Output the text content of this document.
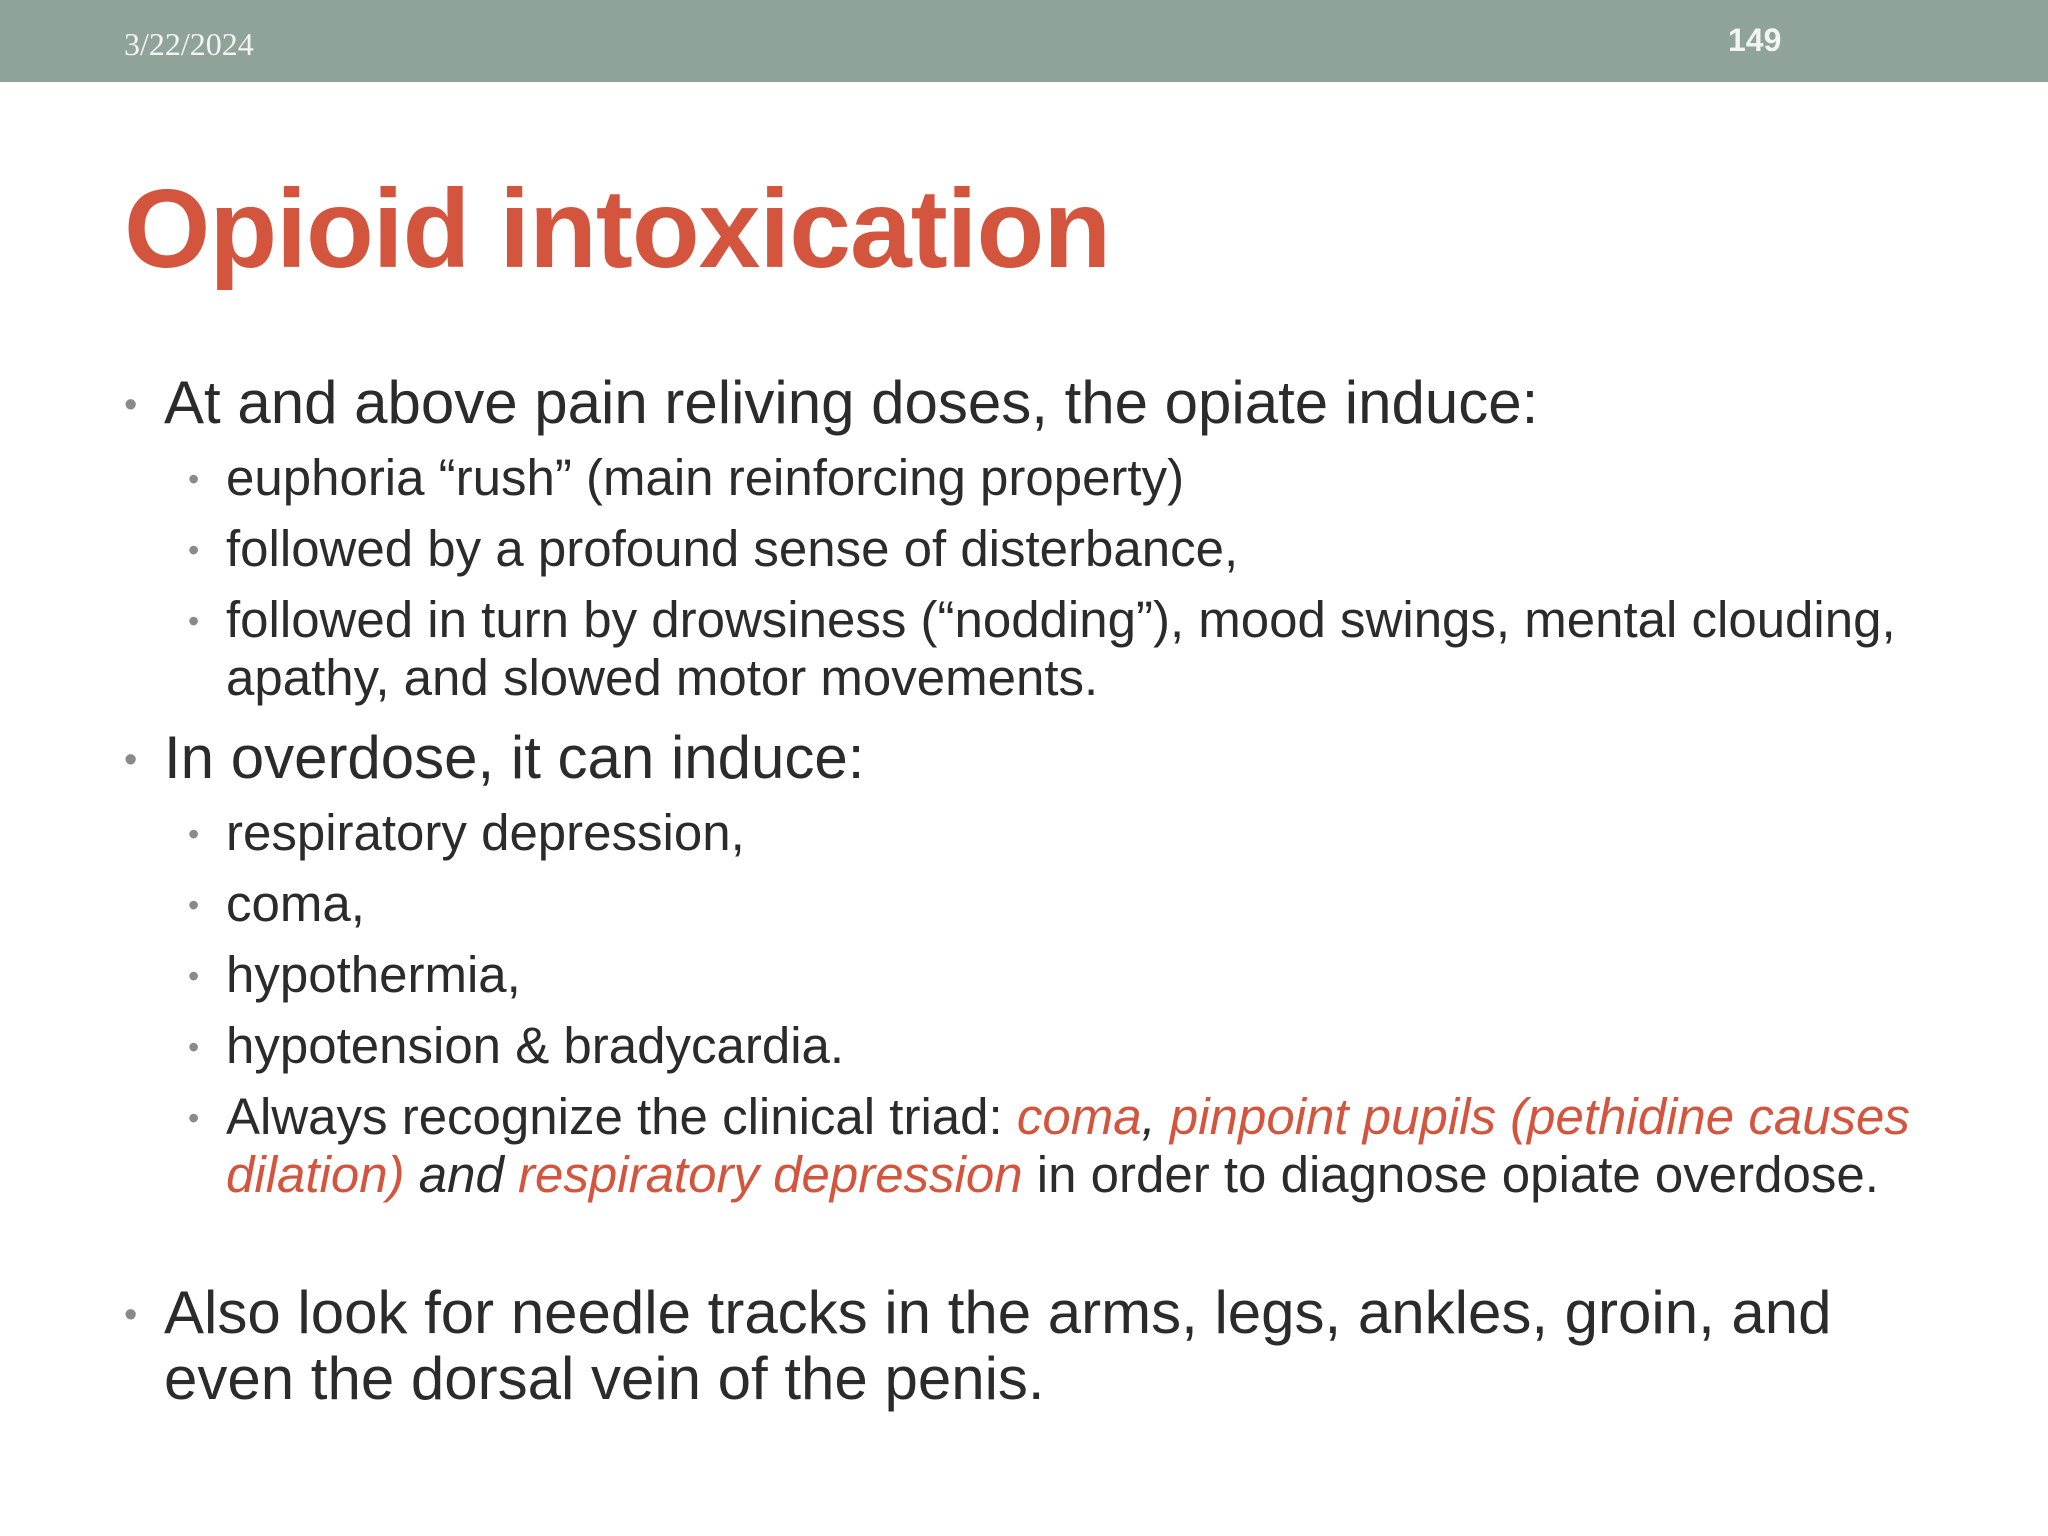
3/22/2024	149
Opioid intoxication

• At and above pain reliving doses, the opiate induce:

• euphoria “rush” (main reinforcing property)

• followed by a profound sense of disterbance,

• followed in turn by drowsiness (“nodding”), mood swings, mental clouding, apathy, and slowed motor movements.

• In overdose, it can induce:

• respiratory depression,

• coma,

• hypothermia,

• hypotension & bradycardia.

• Always recognize the clinical triad: coma, pinpoint pupils (pethidine causes dilation) and respiratory depression in order to diagnose opiate overdose.

• Also look for needle tracks in the arms, legs, ankles, groin, and even the dorsal vein of the penis.
